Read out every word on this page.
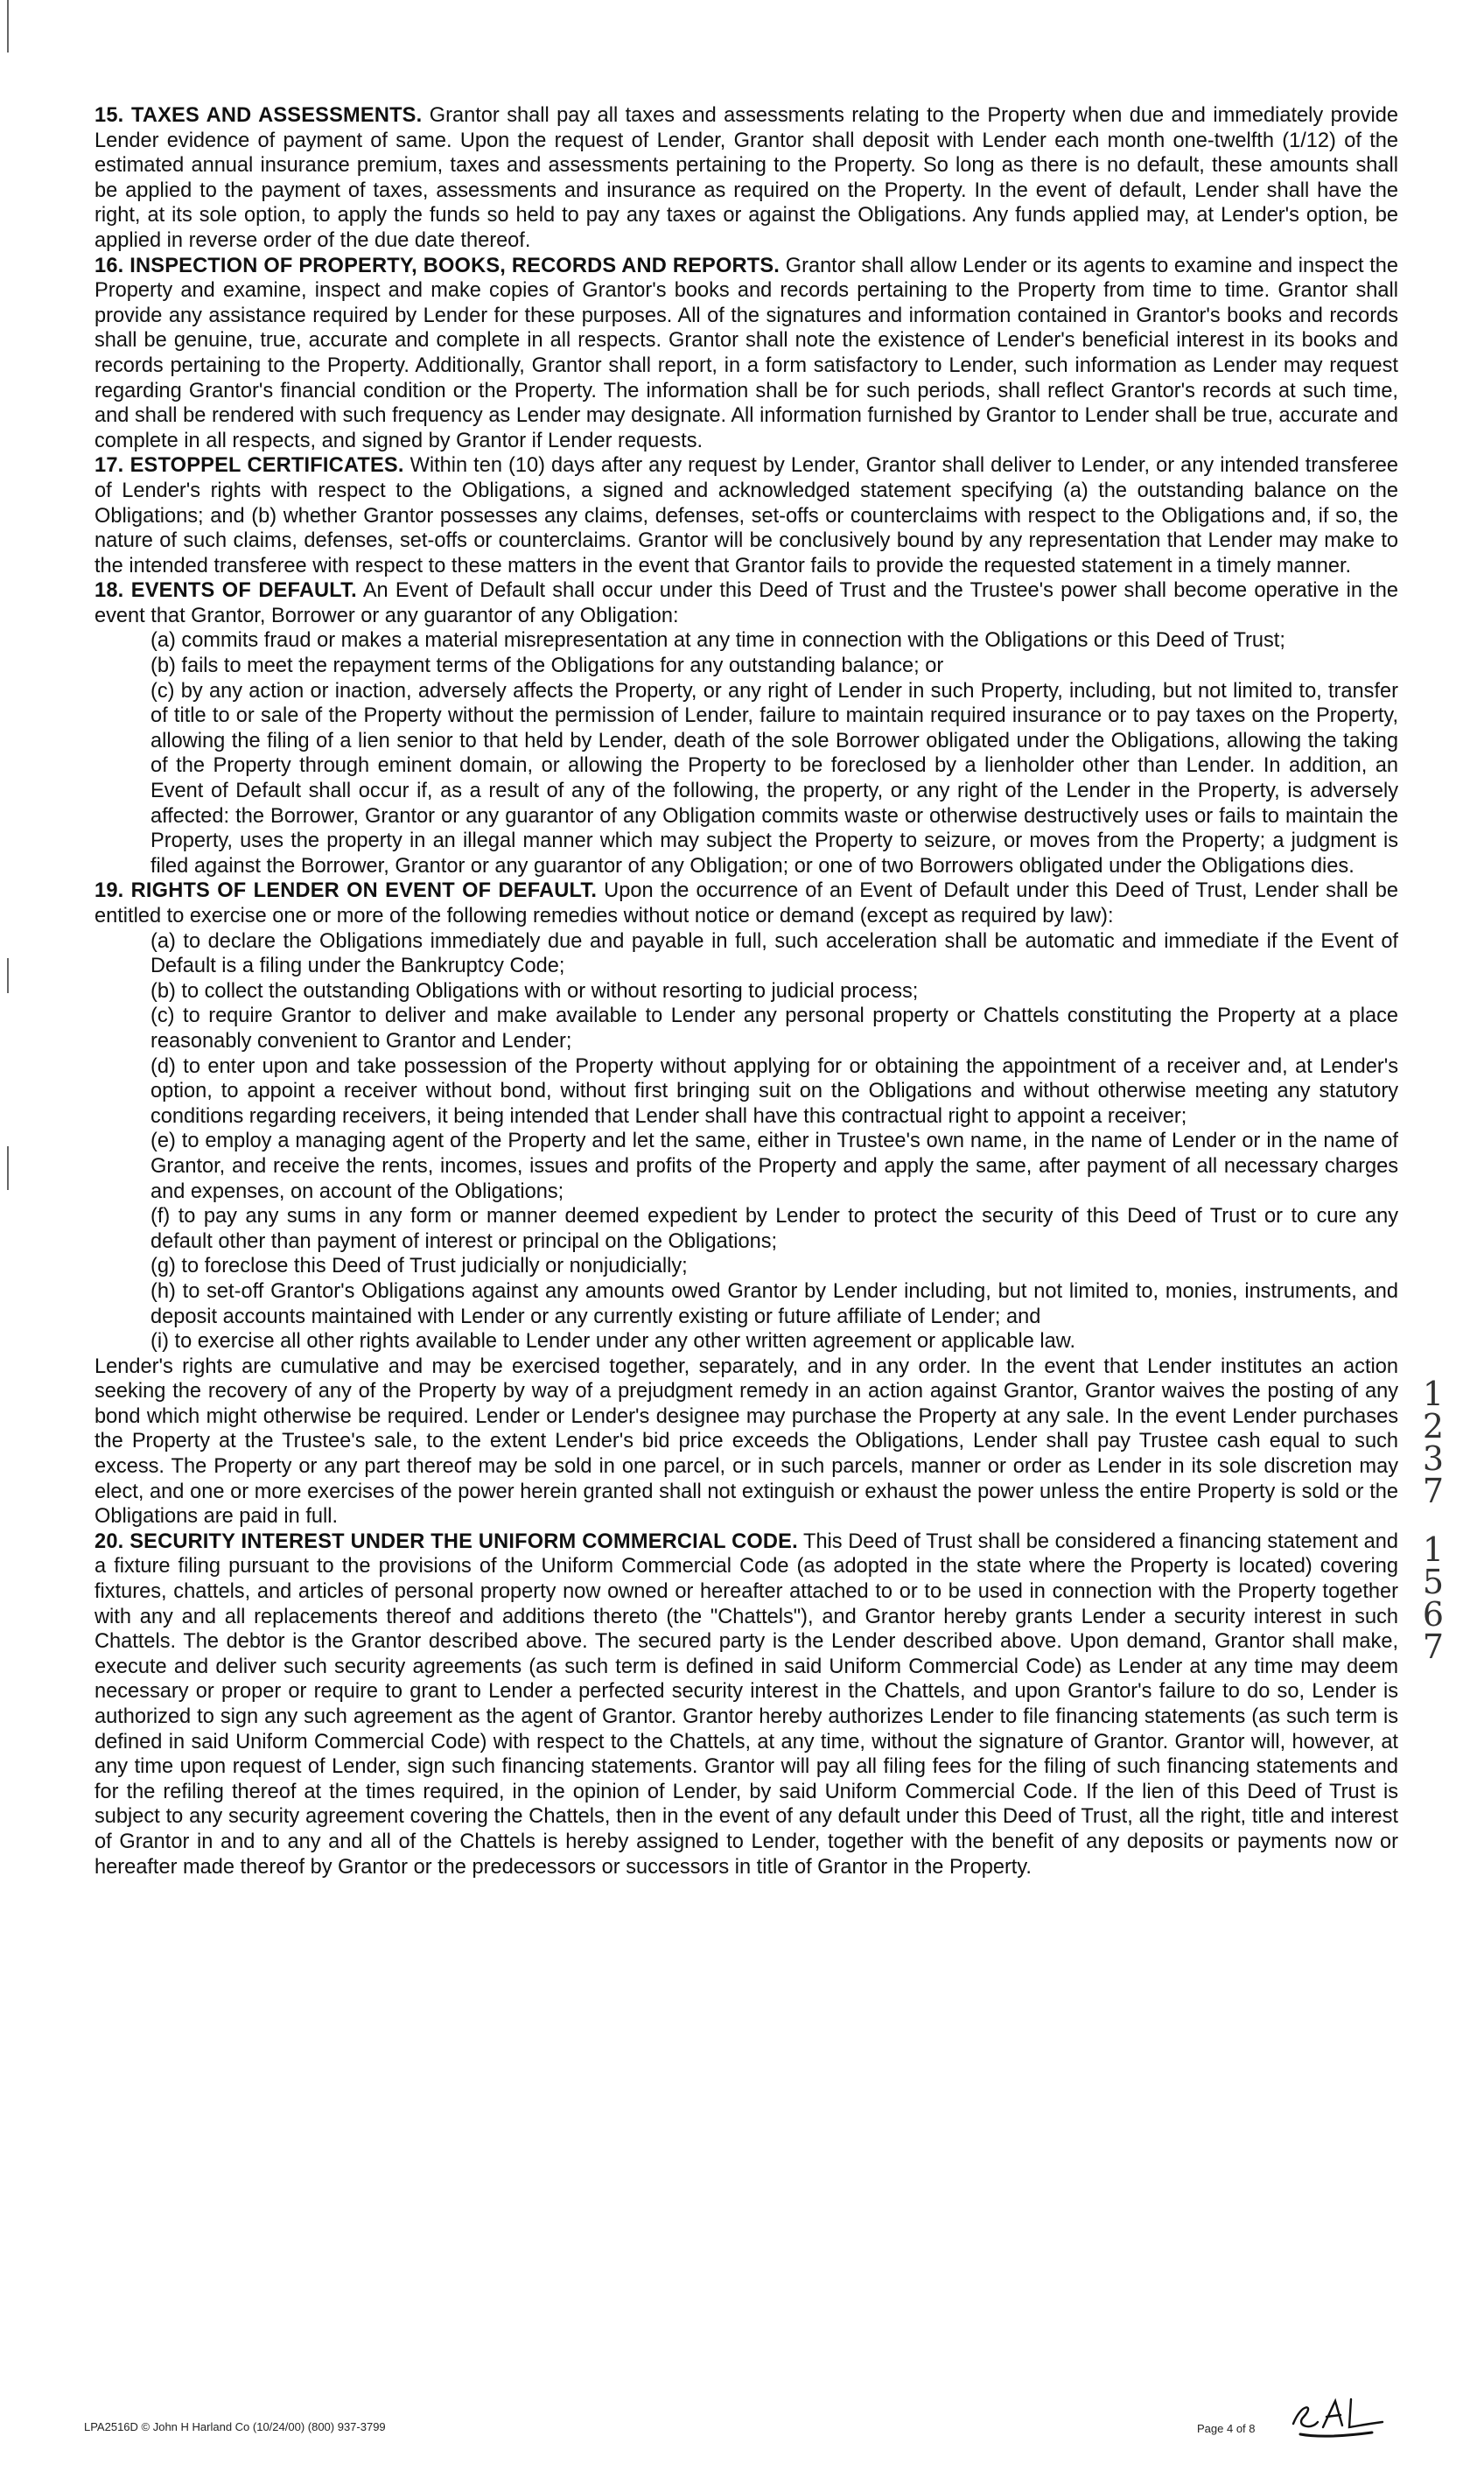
15. TAXES AND ASSESSMENTS. Grantor shall pay all taxes and assessments relating to the Property when due and immediately provide Lender evidence of payment of same. Upon the request of Lender, Grantor shall deposit with Lender each month one-twelfth (1/12) of the estimated annual insurance premium, taxes and assessments pertaining to the Property. So long as there is no default, these amounts shall be applied to the payment of taxes, assessments and insurance as required on the Property. In the event of default, Lender shall have the right, at its sole option, to apply the funds so held to pay any taxes or against the Obligations. Any funds applied may, at Lender's option, be applied in reverse order of the due date thereof.

16. INSPECTION OF PROPERTY, BOOKS, RECORDS AND REPORTS. Grantor shall allow Lender or its agents to examine and inspect the Property and examine, inspect and make copies of Grantor's books and records pertaining to the Property from time to time. Grantor shall provide any assistance required by Lender for these purposes. All of the signatures and information contained in Grantor's books and records shall be genuine, true, accurate and complete in all respects. Grantor shall note the existence of Lender's beneficial interest in its books and records pertaining to the Property. Additionally, Grantor shall report, in a form satisfactory to Lender, such information as Lender may request regarding Grantor's financial condition or the Property. The information shall be for such periods, shall reflect Grantor's records at such time, and shall be rendered with such frequency as Lender may designate. All information furnished by Grantor to Lender shall be true, accurate and complete in all respects, and signed by Grantor if Lender requests.

17. ESTOPPEL CERTIFICATES. Within ten (10) days after any request by Lender, Grantor shall deliver to Lender, or any intended transferee of Lender's rights with respect to the Obligations, a signed and acknowledged statement specifying (a) the outstanding balance on the Obligations; and (b) whether Grantor possesses any claims, defenses, set-offs or counterclaims with respect to the Obligations and, if so, the nature of such claims, defenses, set-offs or counterclaims. Grantor will be conclusively bound by any representation that Lender may make to the intended transferee with respect to these matters in the event that Grantor fails to provide the requested statement in a timely manner.

18. EVENTS OF DEFAULT. An Event of Default shall occur under this Deed of Trust and the Trustee's power shall become operative in the event that Grantor, Borrower or any guarantor of any Obligation:

(a) commits fraud or makes a material misrepresentation at any time in connection with the Obligations or this Deed of Trust;

(b) fails to meet the repayment terms of the Obligations for any outstanding balance; or

(c) by any action or inaction, adversely affects the Property, or any right of Lender in such Property, including, but not limited to, transfer of title to or sale of the Property without the permission of Lender, failure to maintain required insurance or to pay taxes on the Property, allowing the filing of a lien senior to that held by Lender, death of the sole Borrower obligated under the Obligations, allowing the taking of the Property through eminent domain, or allowing the Property to be foreclosed by a lienholder other than Lender. In addition, an Event of Default shall occur if, as a result of any of the following, the property, or any right of the Lender in the Property, is adversely affected: the Borrower, Grantor or any guarantor of any Obligation commits waste or otherwise destructively uses or fails to maintain the Property, uses the property in an illegal manner which may subject the Property to seizure, or moves from the Property; a judgment is filed against the Borrower, Grantor or any guarantor of any Obligation; or one of two Borrowers obligated under the Obligations dies.

19. RIGHTS OF LENDER ON EVENT OF DEFAULT. Upon the occurrence of an Event of Default under this Deed of Trust, Lender shall be entitled to exercise one or more of the following remedies without notice or demand (except as required by law):

(a) to declare the Obligations immediately due and payable in full, such acceleration shall be automatic and immediate if the Event of Default is a filing under the Bankruptcy Code;

(b) to collect the outstanding Obligations with or without resorting to judicial process;

(c) to require Grantor to deliver and make available to Lender any personal property or Chattels constituting the Property at a place reasonably convenient to Grantor and Lender;

(d) to enter upon and take possession of the Property without applying for or obtaining the appointment of a receiver and, at Lender's option, to appoint a receiver without bond, without first bringing suit on the Obligations and without otherwise meeting any statutory conditions regarding receivers, it being intended that Lender shall have this contractual right to appoint a receiver;

(e) to employ a managing agent of the Property and let the same, either in Trustee's own name, in the name of Lender or in the name of Grantor, and receive the rents, incomes, issues and profits of the Property and apply the same, after payment of all necessary charges and expenses, on account of the Obligations;

(f) to pay any sums in any form or manner deemed expedient by Lender to protect the security of this Deed of Trust or to cure any default other than payment of interest or principal on the Obligations;

(g) to foreclose this Deed of Trust judicially or nonjudicially;

(h) to set-off Grantor's Obligations against any amounts owed Grantor by Lender including, but not limited to, monies, instruments, and deposit accounts maintained with Lender or any currently existing or future affiliate of Lender; and

(i) to exercise all other rights available to Lender under any other written agreement or applicable law.

Lender's rights are cumulative and may be exercised together, separately, and in any order. In the event that Lender institutes an action seeking the recovery of any of the Property by way of a prejudgment remedy in an action against Grantor, Grantor waives the posting of any bond which might otherwise be required. Lender or Lender's designee may purchase the Property at any sale. In the event Lender purchases the Property at the Trustee's sale, to the extent Lender's bid price exceeds the Obligations, Lender shall pay Trustee cash equal to such excess. The Property or any part thereof may be sold in one parcel, or in such parcels, manner or order as Lender in its sole discretion may elect, and one or more exercises of the power herein granted shall not extinguish or exhaust the power unless the entire Property is sold or the Obligations are paid in full.

20. SECURITY INTEREST UNDER THE UNIFORM COMMERCIAL CODE. This Deed of Trust shall be considered a financing statement and a fixture filing pursuant to the provisions of the Uniform Commercial Code (as adopted in the state where the Property is located) covering fixtures, chattels, and articles of personal property now owned or hereafter attached to or to be used in connection with the Property together with any and all replacements thereof and additions thereto (the "Chattels"), and Grantor hereby grants Lender a security interest in such Chattels. The debtor is the Grantor described above. The secured party is the Lender described above. Upon demand, Grantor shall make, execute and deliver such security agreements (as such term is defined in said Uniform Commercial Code) as Lender at any time may deem necessary or proper or require to grant to Lender a perfected security interest in the Chattels, and upon Grantor's failure to do so, Lender is authorized to sign any such agreement as the agent of Grantor. Grantor hereby authorizes Lender to file financing statements (as such term is defined in said Uniform Commercial Code) with respect to the Chattels, at any time, without the signature of Grantor. Grantor will, however, at any time upon request of Lender, sign such financing statements. Grantor will pay all filing fees for the filing of such financing statements and for the refiling thereof at the times required, in the opinion of Lender, by said Uniform Commercial Code. If the lien of this Deed of Trust is subject to any security agreement covering the Chattels, then in the event of any default under this Deed of Trust, all the right, title and interest of Grantor in and to any and all of the Chattels is hereby assigned to Lender, together with the benefit of any deposits or payments now or hereafter made thereof by Grantor or the predecessors or successors in title of Grantor in the Property.

1
2
3
7
1
5
6
7
LPA2516D © John H Harland Co (10/24/00) (800) 937-3799	Page 4 of 8
